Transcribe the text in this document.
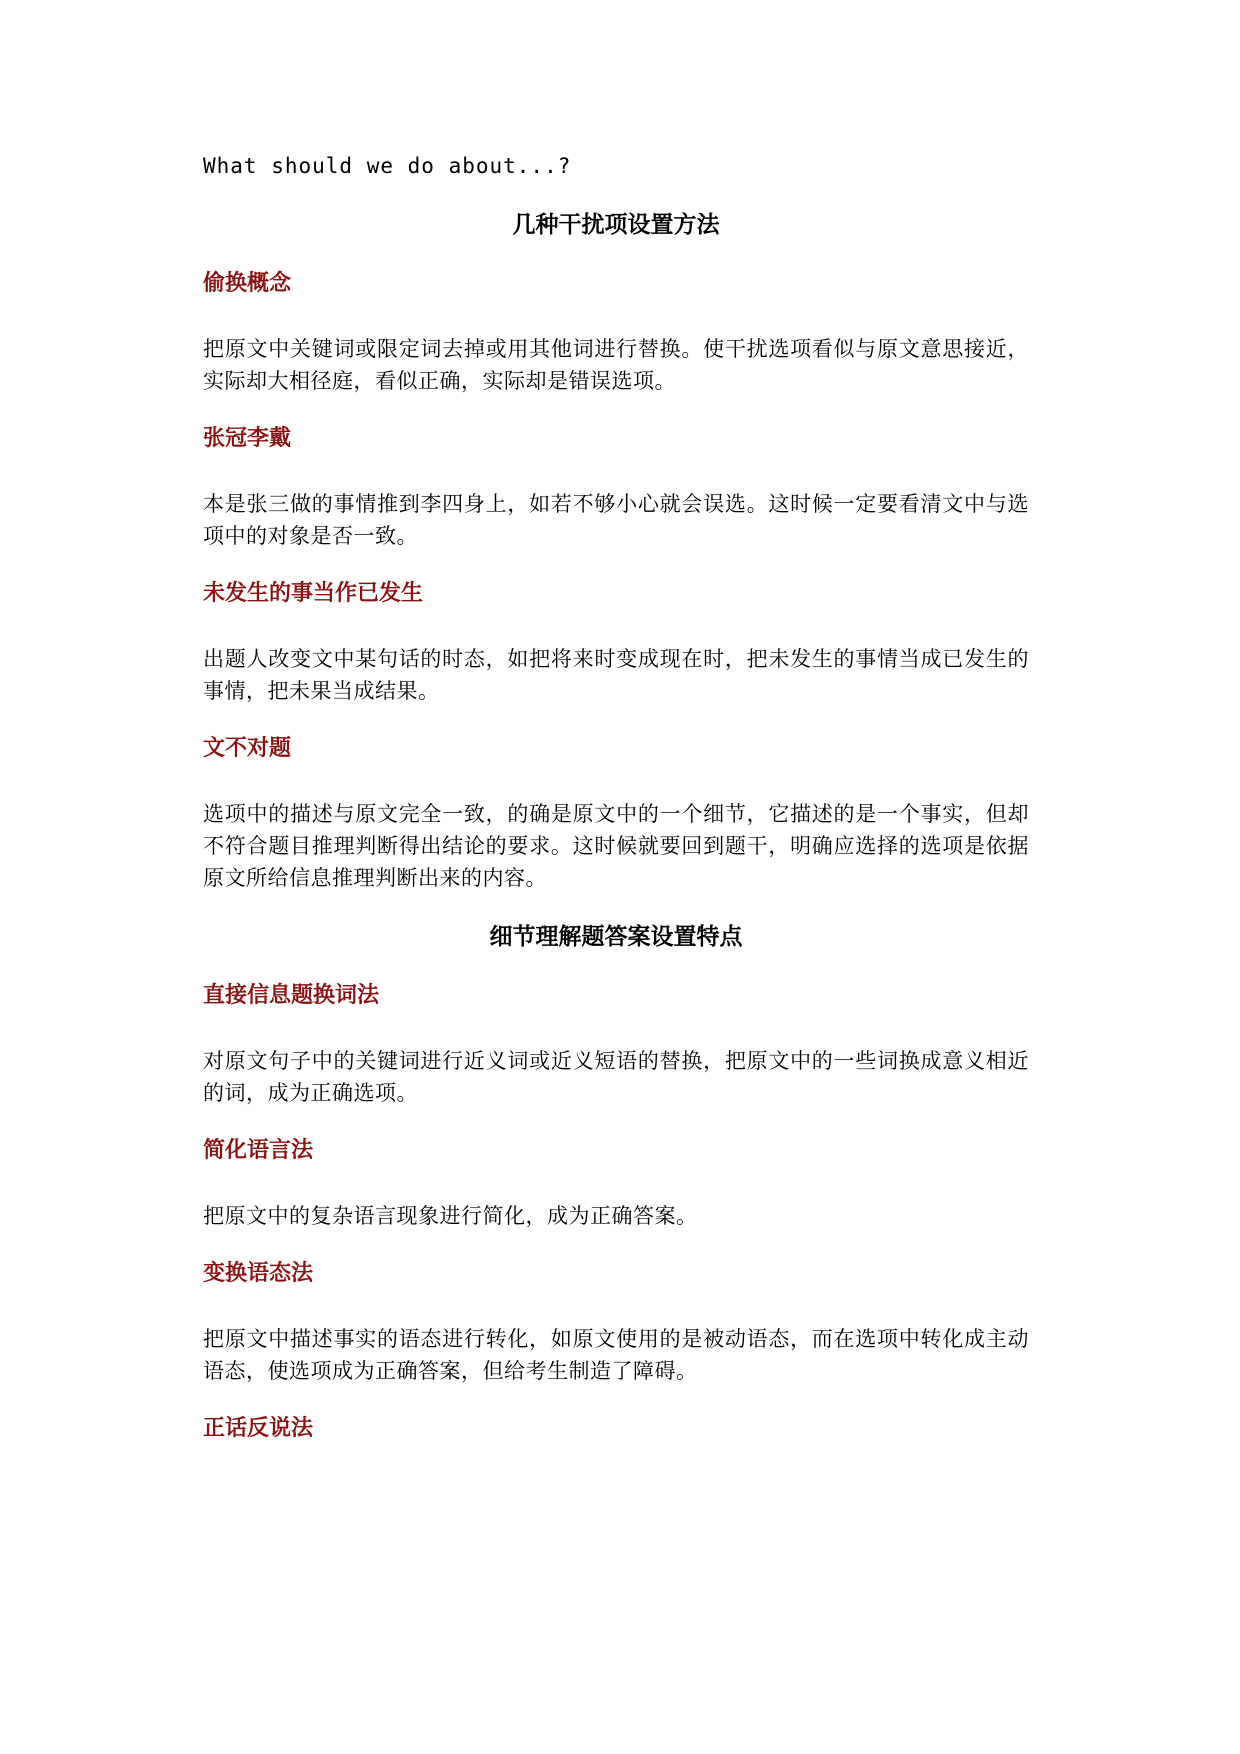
What should we do about...?

几种干扰项设置方法
偷换概念

把原文中关键词或限定词去掉或用其他词进行替换。使干扰选项看似与原文意思接近，实际却大相径庭，看似正确，实际却是错误选项。

张冠李戴

本是张三做的事情推到李四身上，如若不够小心就会误选。这时候一定要看清文中与选项中的对象是否一致。

未发生的事当作已发生

出题人改变文中某句话的时态，如把将来时变成现在时，把未发生的事情当成已发生的事情，把未果当成结果。

文不对题

选项中的描述与原文完全一致，的确是原文中的一个细节，它描述的是一个事实，但却不符合题目推理判断得出结论的要求。这时候就要回到题干，明确应选择的选项是依据原文所给信息推理判断出来的内容。

细节理解题答案设置特点
直接信息题换词法

对原文句子中的关键词进行近义词或近义短语的替换，把原文中的一些词换成意义相近的词，成为正确选项。

简化语言法

把原文中的复杂语言现象进行简化，成为正确答案。

变换语态法

把原文中描述事实的语态进行转化，如原文使用的是被动语态，而在选项中转化成主动语态，使选项成为正确答案，但给考生制造了障碍。

正话反说法
